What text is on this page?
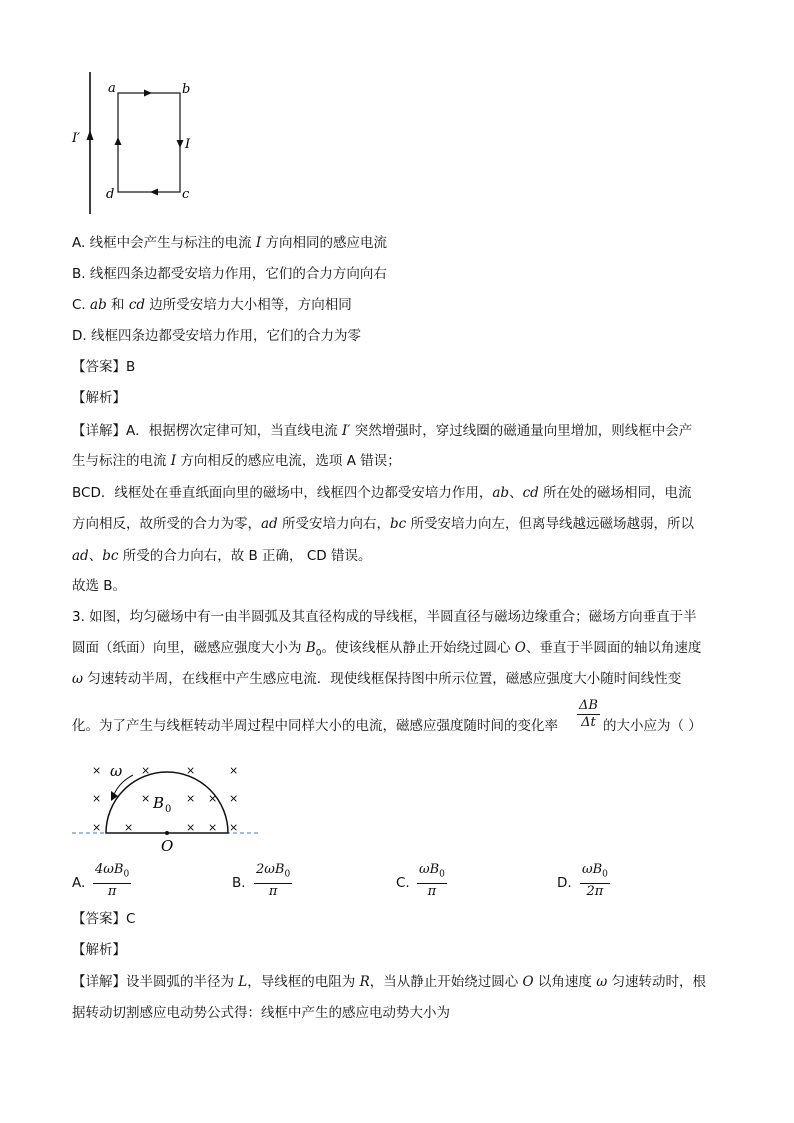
a	b
c
d
I
I′
A. 线框中会产生与标注的电流 I 方向相同的感应电流
B. 线框四条边都受安培力作用，它们的合力方向向右
C. ab 和 cd 边所受安培力大小相等，方向相同
D. 线框四条边都受安培力作用，它们的合力为零
【答案】B
【解析】
【详解】A．根据楞次定律可知，当直线电流 I′ 突然增强时，穿过线圈的磁通量向里增加，则线框中会产
生与标注的电流 I 方向相反的感应电流，选项 A 错误；
BCD．线框处在垂直纸面向里的磁场中，线框四个边都受安培力作用，ab、cd 所在处的磁场相同，电流
方向相反，故所受的合力为零，ad 所受安培力向右，bc 所受安培力向左，但离导线越远磁场越弱，所以
ad、bc 所受的合力向右，故 B 正确， CD 错误。
故选 B。
3. 如图，均匀磁场中有一由半圆弧及其直径构成的导线框，半圆直径与磁场边缘重合；磁场方向垂直于半
圆面（纸面）向里，磁感应强度大小为 $B_0$。使该线框从静止开始绕过圆心 O、垂直于半圆面的轴以角速度
ω 匀速转动半周，在线框中产生感应电流．现使线框保持图中所示位置，磁感应强度大小随时间线性变
化。为了产生与线框转动半周过程中同样大小的电流，磁感应强度随时间的变化率 $\frac{\Delta B}{\Delta t}$ 的大小应为（ ）
×	×	×	×
×	×	× × ×
× ×	× × ×
ω
B 0
O
A. $\frac{4\omega B_0}{\pi}$	B. $\frac{2\omega B_0}{\pi}$	C. $\frac{\omega B_0}{\pi}$	D. $\frac{\omega B_0}{2\pi}$
【答案】C
【解析】
【详解】设半圆弧的半径为 L，导线框的电阻为 R，当从静止开始绕过圆心 O 以角速度 ω 匀速转动时，根
据转动切割感应电动势公式得：线框中产生的感应电动势大小为
